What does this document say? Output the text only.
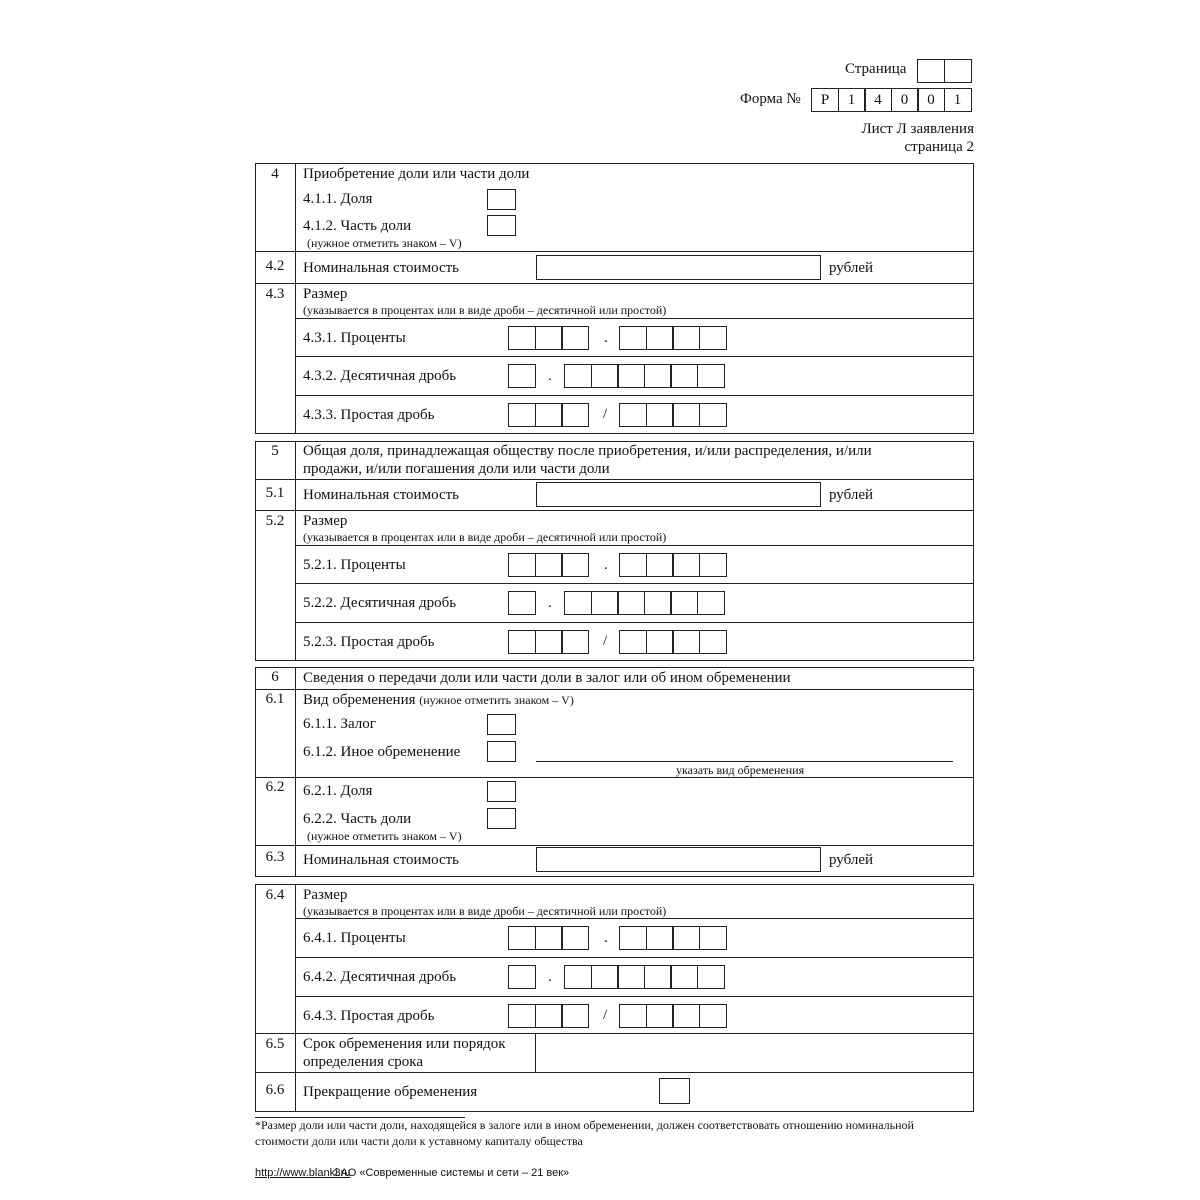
Страница
Форма №	Р	1	4	0	0	1
Лист Л заявления
страница 2
4	Приобретение доли или части доли
4.1.1. Доля
4.1.2. Часть доли
(нужное отметить знаком – V)
4.2	Номинальная стоимость	рублей
4.3	Размер
(указывается в процентах или в виде дроби – десятичной или простой)
4.3.1. Проценты	.
4.3.2. Десятичная дробь	.
4.3.3. Простая дробь	/
5	Общая доля, принадлежащая обществу после приобретения, и/или распределения, и/или
продажи, и/или погашения доли или части доли
5.1	Номинальная стоимость	рублей
5.2	Размер
(указывается в процентах или в виде дроби – десятичной или простой)
5.2.1. Проценты	.
5.2.2. Десятичная дробь	.
5.2.3. Простая дробь	/
6	Сведения о передачи доли или части доли в залог или об ином обременении
6.1	Вид обременения (нужное отметить знаком – V)
6.1.1. Залог
6.1.2. Иное обременение
указать вид обременения
6.2	6.2.1. Доля
6.2.2. Часть доли
(нужное отметить знаком – V)
6.3	Номинальная стоимость	рублей
6.4	Размер
(указывается в процентах или в виде дроби – десятичной или простой)
6.4.1. Проценты	.
6.4.2. Десятичная дробь	.
6.4.3. Простая дробь	/
6.5	Срок обременения или порядок
определения срока
6.6	Прекращение обременения
*Размер доли или части доли, находящейся в залоге или в ином обременении, должен соответствовать отношению номинальной
стоимости доли или части доли к уставному капиталу общества
http://www.blanki.ru
ЗАО «Современные системы и сети – 21 век»
